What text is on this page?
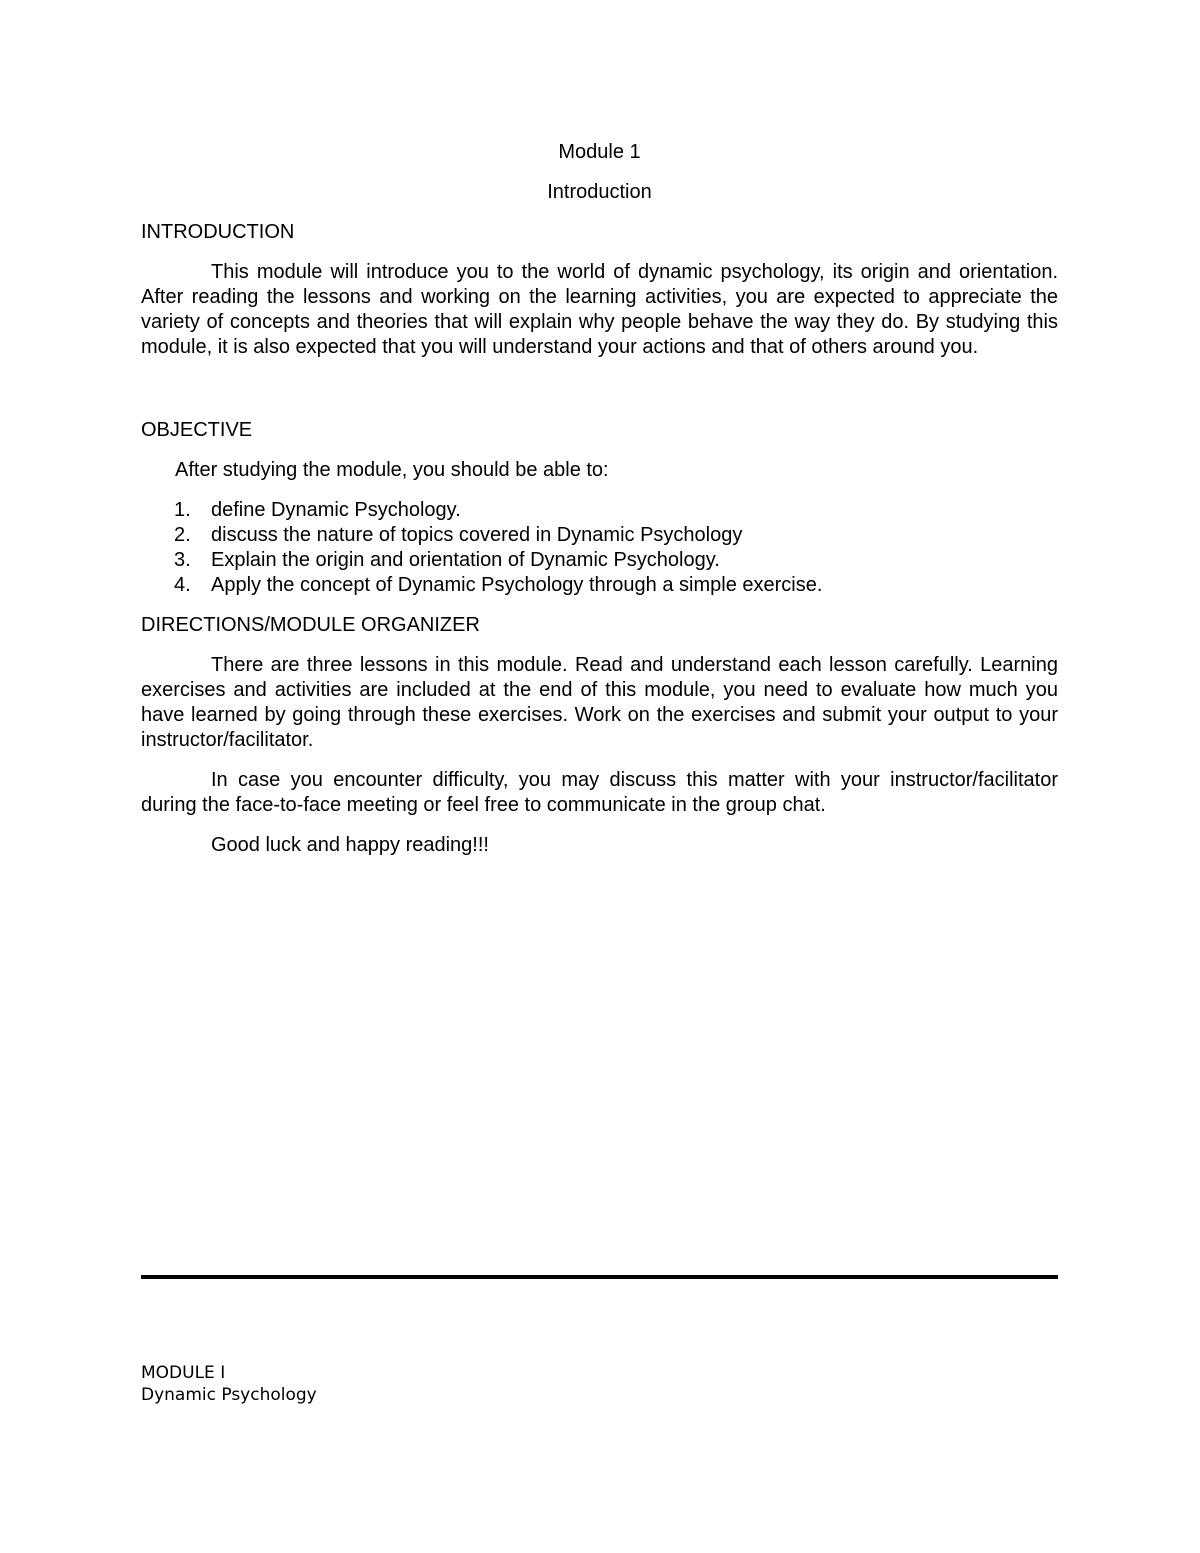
Module 1

Introduction

INTRODUCTION

This module will introduce you to the world of dynamic psychology, its origin and orientation. After reading the lessons and working on the learning activities, you are expected to appreciate the variety of concepts and theories that will explain why people behave the way they do. By studying this module, it is also expected that you will understand your actions and that of others around you.

OBJECTIVE

After studying the module, you should be able to:

1. define Dynamic Psychology.
2. discuss the nature of topics covered in Dynamic Psychology
3. Explain the origin and orientation of Dynamic Psychology.
4. Apply the concept of Dynamic Psychology through a simple exercise.

DIRECTIONS/MODULE ORGANIZER

There are three lessons in this module. Read and understand each lesson carefully. Learning exercises and activities are included at the end of this module, you need to evaluate how much you have learned by going through these exercises. Work on the exercises and submit your output to your instructor/facilitator.

In case you encounter difficulty, you may discuss this matter with your instructor/facilitator during the face-to-face meeting or feel free to communicate in the group chat.

Good luck and happy reading!!!

MODULE I
Dynamic Psychology
